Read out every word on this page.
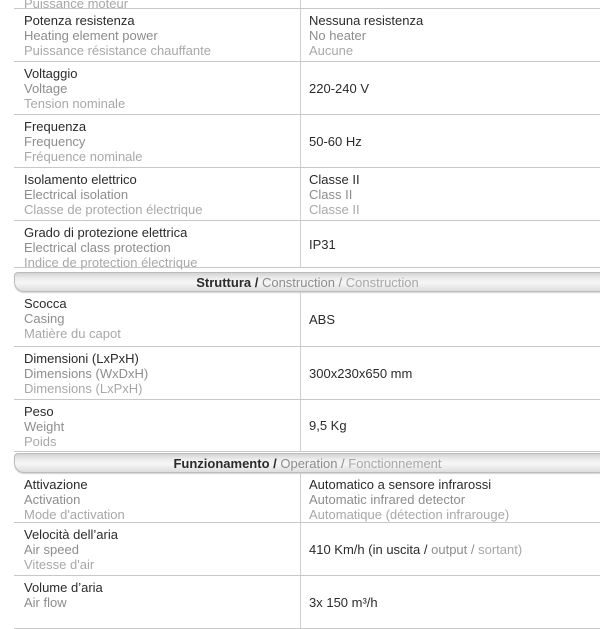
Puissance moteur
Potenza resistenza
Heating element power
Puissance résistance chauffante
Nessuna resistenza
No heater
Aucune
Voltaggio
Voltage
Tension nominale
220-240 V
Frequenza
Frequency
Fréquence nominale
50-60 Hz
Isolamento elettrico
Electrical isolation
Classe de protection électrique
Classe II
Class II
Classe II
Grado di protezione elettrica
Electrical class protection
Indice de protection électrique
IP31
Struttura / Construction / Construction
Scocca
Casing
Matière du capot
ABS
Dimensioni (LxPxH)
Dimensions (WxDxH)
Dimensions (LxPxH)
300x230x650 mm
Peso
Weight
Poids
9,5 Kg
Funzionamento / Operation / Fonctionnement
Attivazione
Activation
Mode d'activation
Automatico a sensore infrarossi
Automatic infrared detector
Automatique (détection infrarouge)
Velocità dell’aria
Air speed
Vitesse d'air
410 Km/h (in uscita / output / sortant)
Volume d’aria
Air flow	3x 150 m³/h
